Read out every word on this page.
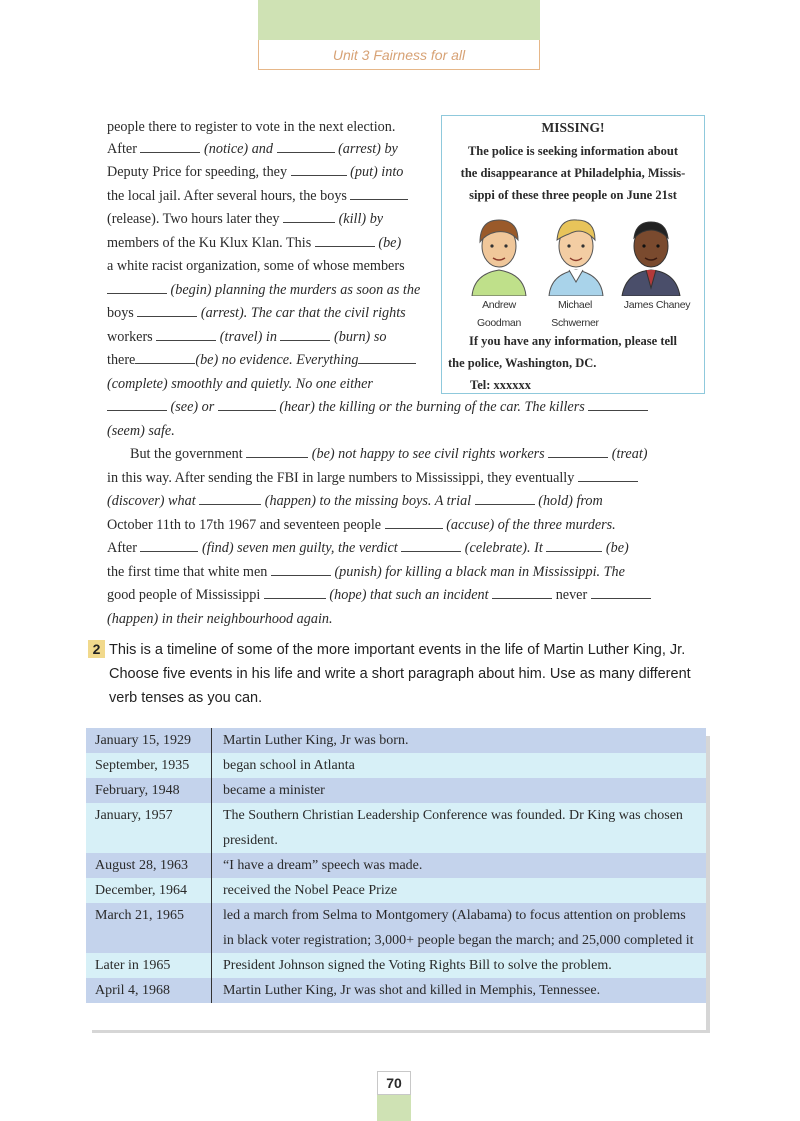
Unit 3 Fairness for all
people there to register to vote in the next election.
After	(notice) and	(arrest) by
Deputy Price for speeding, they	(put) into
the local jail. After several hours, the boys
(release). Two hours later they	(kill) by
members of the Ku Klux Klan. This	(be)
a white racist organization, some of whose members
(begin) planning the murders as soon as the
boys	(arrest). The car that the civil rights
workers	(travel) in	(burn) so
there	(be) no evidence. Everything
(complete) smoothly and quietly. No one either
(see) or	(hear) the killing or the burning of the car. The killers
(seem) safe.
But the government	(be) not happy to see civil rights workers	(treat)
in this way. After sending the FBI in large numbers to Mississippi, they eventually
(discover) what	(happen) to the missing boys. A trial	(hold) from
October 11th to 17th 1967 and seventeen people	(accuse) of the three murders.
After	(find) seven men guilty, the verdict	(celebrate). It	(be)
the first time that white men	(punish) for killing a black man in Mississippi. The
good people of Mississippi	(hope) that such an incident	never
(happen) in their neighbourhood again.
MISSING!
The police is seeking information about
the disappearance at Philadelphia, Missis-
sippi of these three people on June 21st
Andrew
Goodman
Michael
Schwerner
James Chaney
If you have any information, please tell
the police, Washington, DC.
Tel: xxxxxx
2 This is a timeline of some of the more important events in the life of Martin Luther King, Jr. Choose five events in his life and write a short paragraph about him. Use as many different verb tenses as you can.
January 15, 1929	Martin Luther King, Jr was born.
September, 1935	began school in Atlanta
February, 1948	became a minister
January, 1957	The Southern Christian Leadership Conference was founded. Dr King was chosen president.
August 28, 1963	“I have a dream” speech was made.
December, 1964	received the Nobel Peace Prize
March 21, 1965	led a march from Selma to Montgomery (Alabama) to focus attention on problems in black voter registration; 3,000+ people began the march; and 25,000 completed it
Later in 1965	President Johnson signed the Voting Rights Bill to solve the problem.
April 4, 1968	Martin Luther King, Jr was shot and killed in Memphis, Tennessee.
70
